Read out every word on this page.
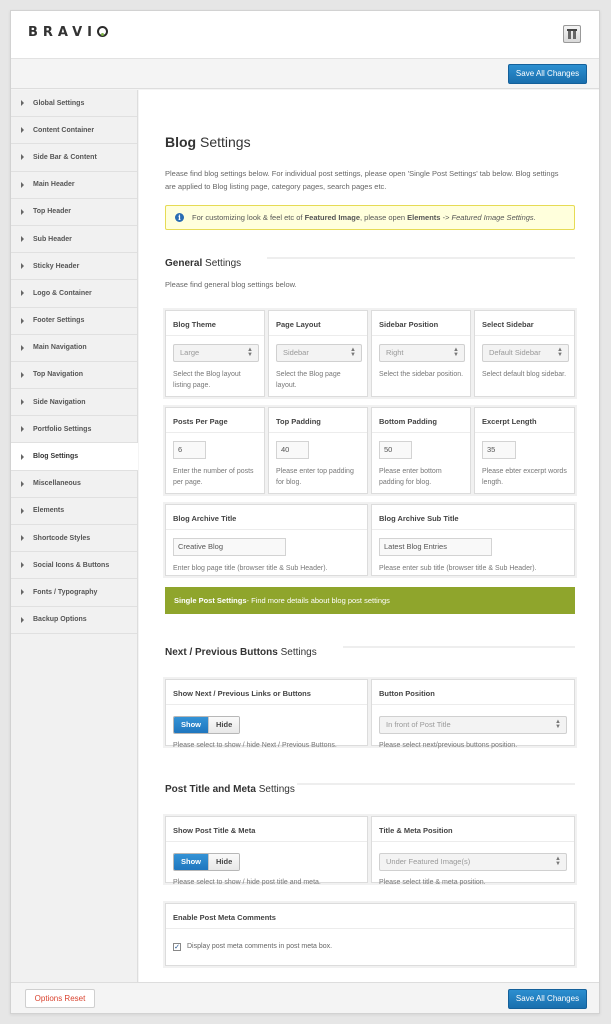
BRAVI
Save All Changes
Global Settings
Content Container
Side Bar & Content
Main Header
Top Header
Sub Header
Sticky Header
Logo & Container
Footer Settings
Main Navigation
Top Navigation
Side Navigation
Portfolio Settings
Blog Settings
Miscellaneous
Elements
Shortcode Styles
Social Icons & Buttons
Fonts / Typography
Backup Options
Blog Settings
Please find blog settings below. For individual post settings, please open 'Single Post Settings' tab below. Blog settings are applied to Blog listing page, category pages, search pages etc.
i	For customizing look & feel etc of Featured Image, please open Elements -> Featured Image Settings.
General Settings
Please find general blog settings below.
Blog Theme
Large	▲
▼
Select the Blog layout listing page.
Page Layout
Sidebar	▲
▼
Select the Blog page layout.
Sidebar Position
Right	▲
▼
Select the sidebar position.
Select Sidebar
Default Sidebar	▲
▼
Select default blog sidebar.
Posts Per Page
6
Enter the number of posts per page.
Top Padding
40
Please enter top padding for blog.
Bottom Padding
50
Please enter bottom padding for blog.
Excerpt Length
35
Please ebter excerpt words length.
Blog Archive Title
Creative Blog
Enter blog page title (browser title & Sub Header).
Blog Archive Sub Title
Latest Blog Entries
Please enter sub title (browser title & Sub Header).
Single Post Settings - Find more details about blog post settings
Next / Previous Buttons Settings
Show Next / Previous Links or Buttons
Show	Hide
Please select to show / hide Next / Previous Buttons.
Button Position
In front of Post Title	▲
▼
Please select next/previous buttons position.
Post Title and Meta Settings
Show Post Title & Meta
Show	Hide
Please select to show / hide post title and meta.
Title & Meta Position
Under Featured Image(s)	▲
▼
Please select title & meta position.
Enable Post Meta Comments
✓ Display post meta comments in post meta box.
Options Reset	Save All Changes
